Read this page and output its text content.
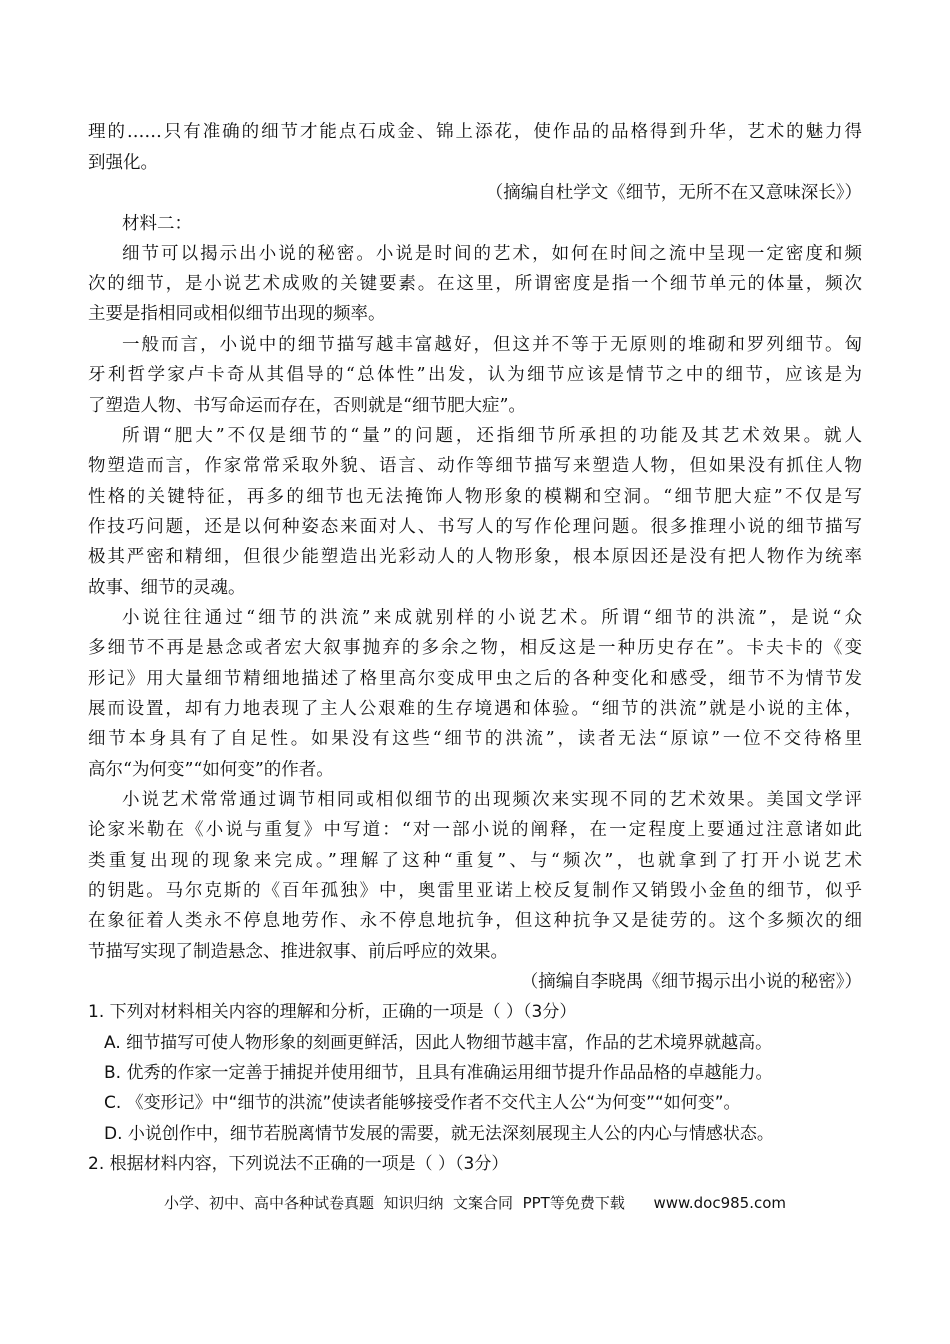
理的……只有准确的细节才能点石成金、锦上添花，使作品的品格得到升华，艺术的魅力得
到强化。
（摘编自杜学文《细节，无所不在又意味深长》）
材料二：
细节可以揭示出小说的秘密。小说是时间的艺术，如何在时间之流中呈现一定密度和频
次的细节，是小说艺术成败的关键要素。在这里，所谓密度是指一个细节单元的体量，频次
主要是指相同或相似细节出现的频率。
一般而言，小说中的细节描写越丰富越好，但这并不等于无原则的堆砌和罗列细节。匈
牙利哲学家卢卡奇从其倡导的“总体性”出发，认为细节应该是情节之中的细节，应该是为
了塑造人物、书写命运而存在，否则就是“细节肥大症”。
所谓“肥大”不仅是细节的“量”的问题，还指细节所承担的功能及其艺术效果。就人
物塑造而言，作家常常采取外貌、语言、动作等细节描写来塑造人物，但如果没有抓住人物
性格的关键特征，再多的细节也无法掩饰人物形象的模糊和空洞。“细节肥大症”不仅是写
作技巧问题，还是以何种姿态来面对人、书写人的写作伦理问题。很多推理小说的细节描写
极其严密和精细，但很少能塑造出光彩动人的人物形象，根本原因还是没有把人物作为统率
故事、细节的灵魂。
小说往往通过“细节的洪流”来成就别样的小说艺术。所谓“细节的洪流”，是说“众
多细节不再是悬念或者宏大叙事抛弃的多余之物，相反这是一种历史存在”。卡夫卡的《变
形记》用大量细节精细地描述了格里高尔变成甲虫之后的各种变化和感受，细节不为情节发
展而设置，却有力地表现了主人公艰难的生存境遇和体验。“细节的洪流”就是小说的主体，
细节本身具有了自足性。如果没有这些“细节的洪流”，读者无法“原谅”一位不交待格里
高尔“为何变”“如何变”的作者。
小说艺术常常通过调节相同或相似细节的出现频次来实现不同的艺术效果。美国文学评
论家米勒在《小说与重复》中写道：“对一部小说的阐释，在一定程度上要通过注意诸如此
类重复出现的现象来完成。”理解了这种“重复”、与“频次”，也就拿到了打开小说艺术
的钥匙。马尔克斯的《百年孤独》中，奥雷里亚诺上校反复制作又销毁小金鱼的细节，似乎
在象征着人类永不停息地劳作、永不停息地抗争，但这种抗争又是徒劳的。这个多频次的细
节描写实现了制造悬念、推进叙事、前后呼应的效果。
（摘编自李晓禺《细节揭示出小说的秘密》）
1. 下列对材料相关内容的理解和分析，正确的一项是（ ）（3分）
A. 细节描写可使人物形象的刻画更鲜活，因此人物细节越丰富，作品的艺术境界就越高。
B. 优秀的作家一定善于捕捉并使用细节，且具有准确运用细节提升作品品格的卓越能力。
C. 《变形记》中“细节的洪流”使读者能够接受作者不交代主人公“为何变”“如何变”。
D. 小说创作中，细节若脱离情节发展的需要，就无法深刻展现主人公的内心与情感状态。
2. 根据材料内容，下列说法不正确的一项是（ ）（3分）
小学、初中、高中各种试卷真题  知识归纳  文案合同  PPT等免费下载      www.doc985.com
